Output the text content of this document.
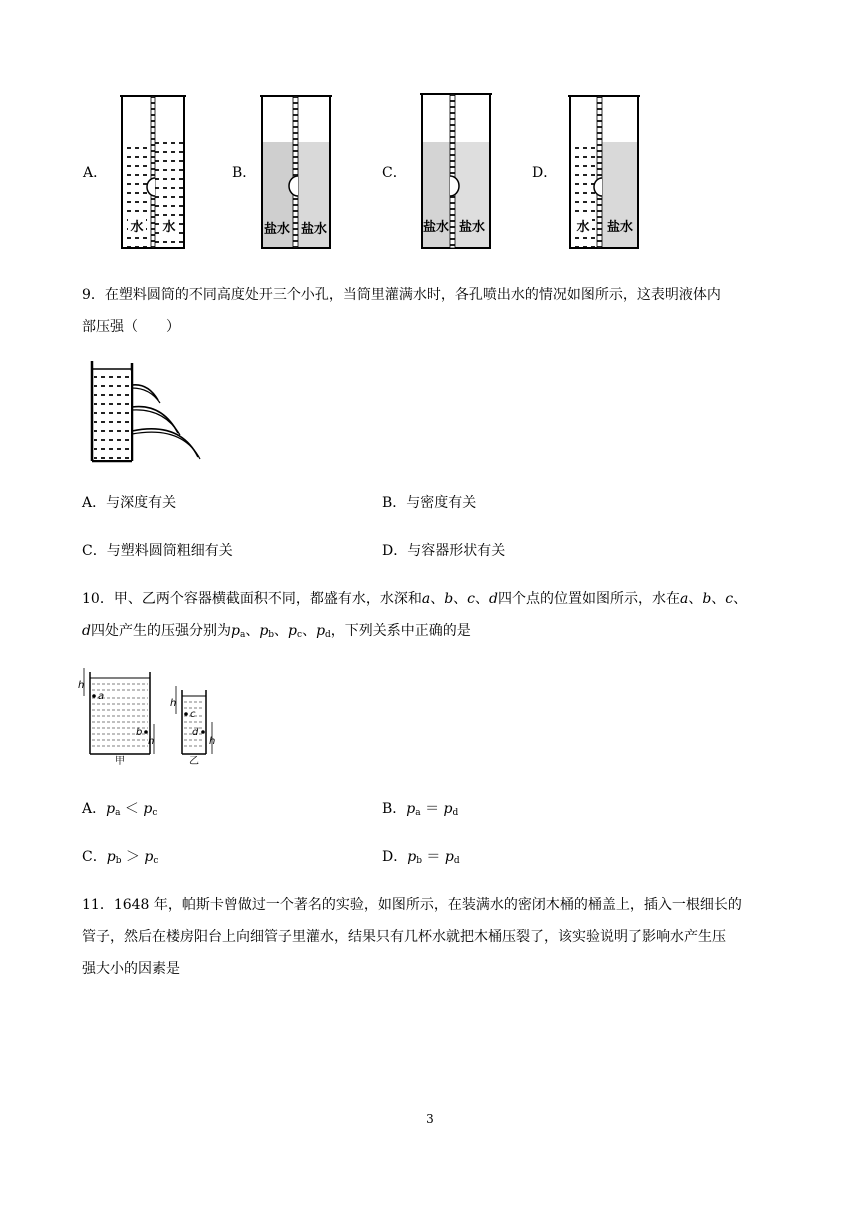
A．	B．	C．	D．
水 水	盐水 盐水	盐水 盐水	水 盐水
9．在塑料圆筒的不同高度处开三个小孔，当筒里灌满水时，各孔喷出水的情况如图所示，这表明液体内
部压强（　　）
A．与深度有关	B．与密度有关
C．与塑料圆筒粗细有关	D．与容器形状有关
10．甲、乙两个容器横截面积不同，都盛有水，水深和a、b、c、d四个点的位置如图所示，水在a、b、c、
d四处产生的压强分别为$p_a$、$p_b$、$p_c$、$p_d$，下列关系中正确的是
a
b
h
h
甲
c
d
h
h
乙
A．$p_a < p_c$	B．$p_a = p_d$
C．$p_b > p_c$	D．$p_b = p_d$
11．1648 年，帕斯卡曾做过一个著名的实验，如图所示，在装满水的密闭木桶的桶盖上，插入一根细长的
管子，然后在楼房阳台上向细管子里灌水，结果只有几杯水就把木桶压裂了，该实验说明了影响水产生压
强大小的因素是
3
